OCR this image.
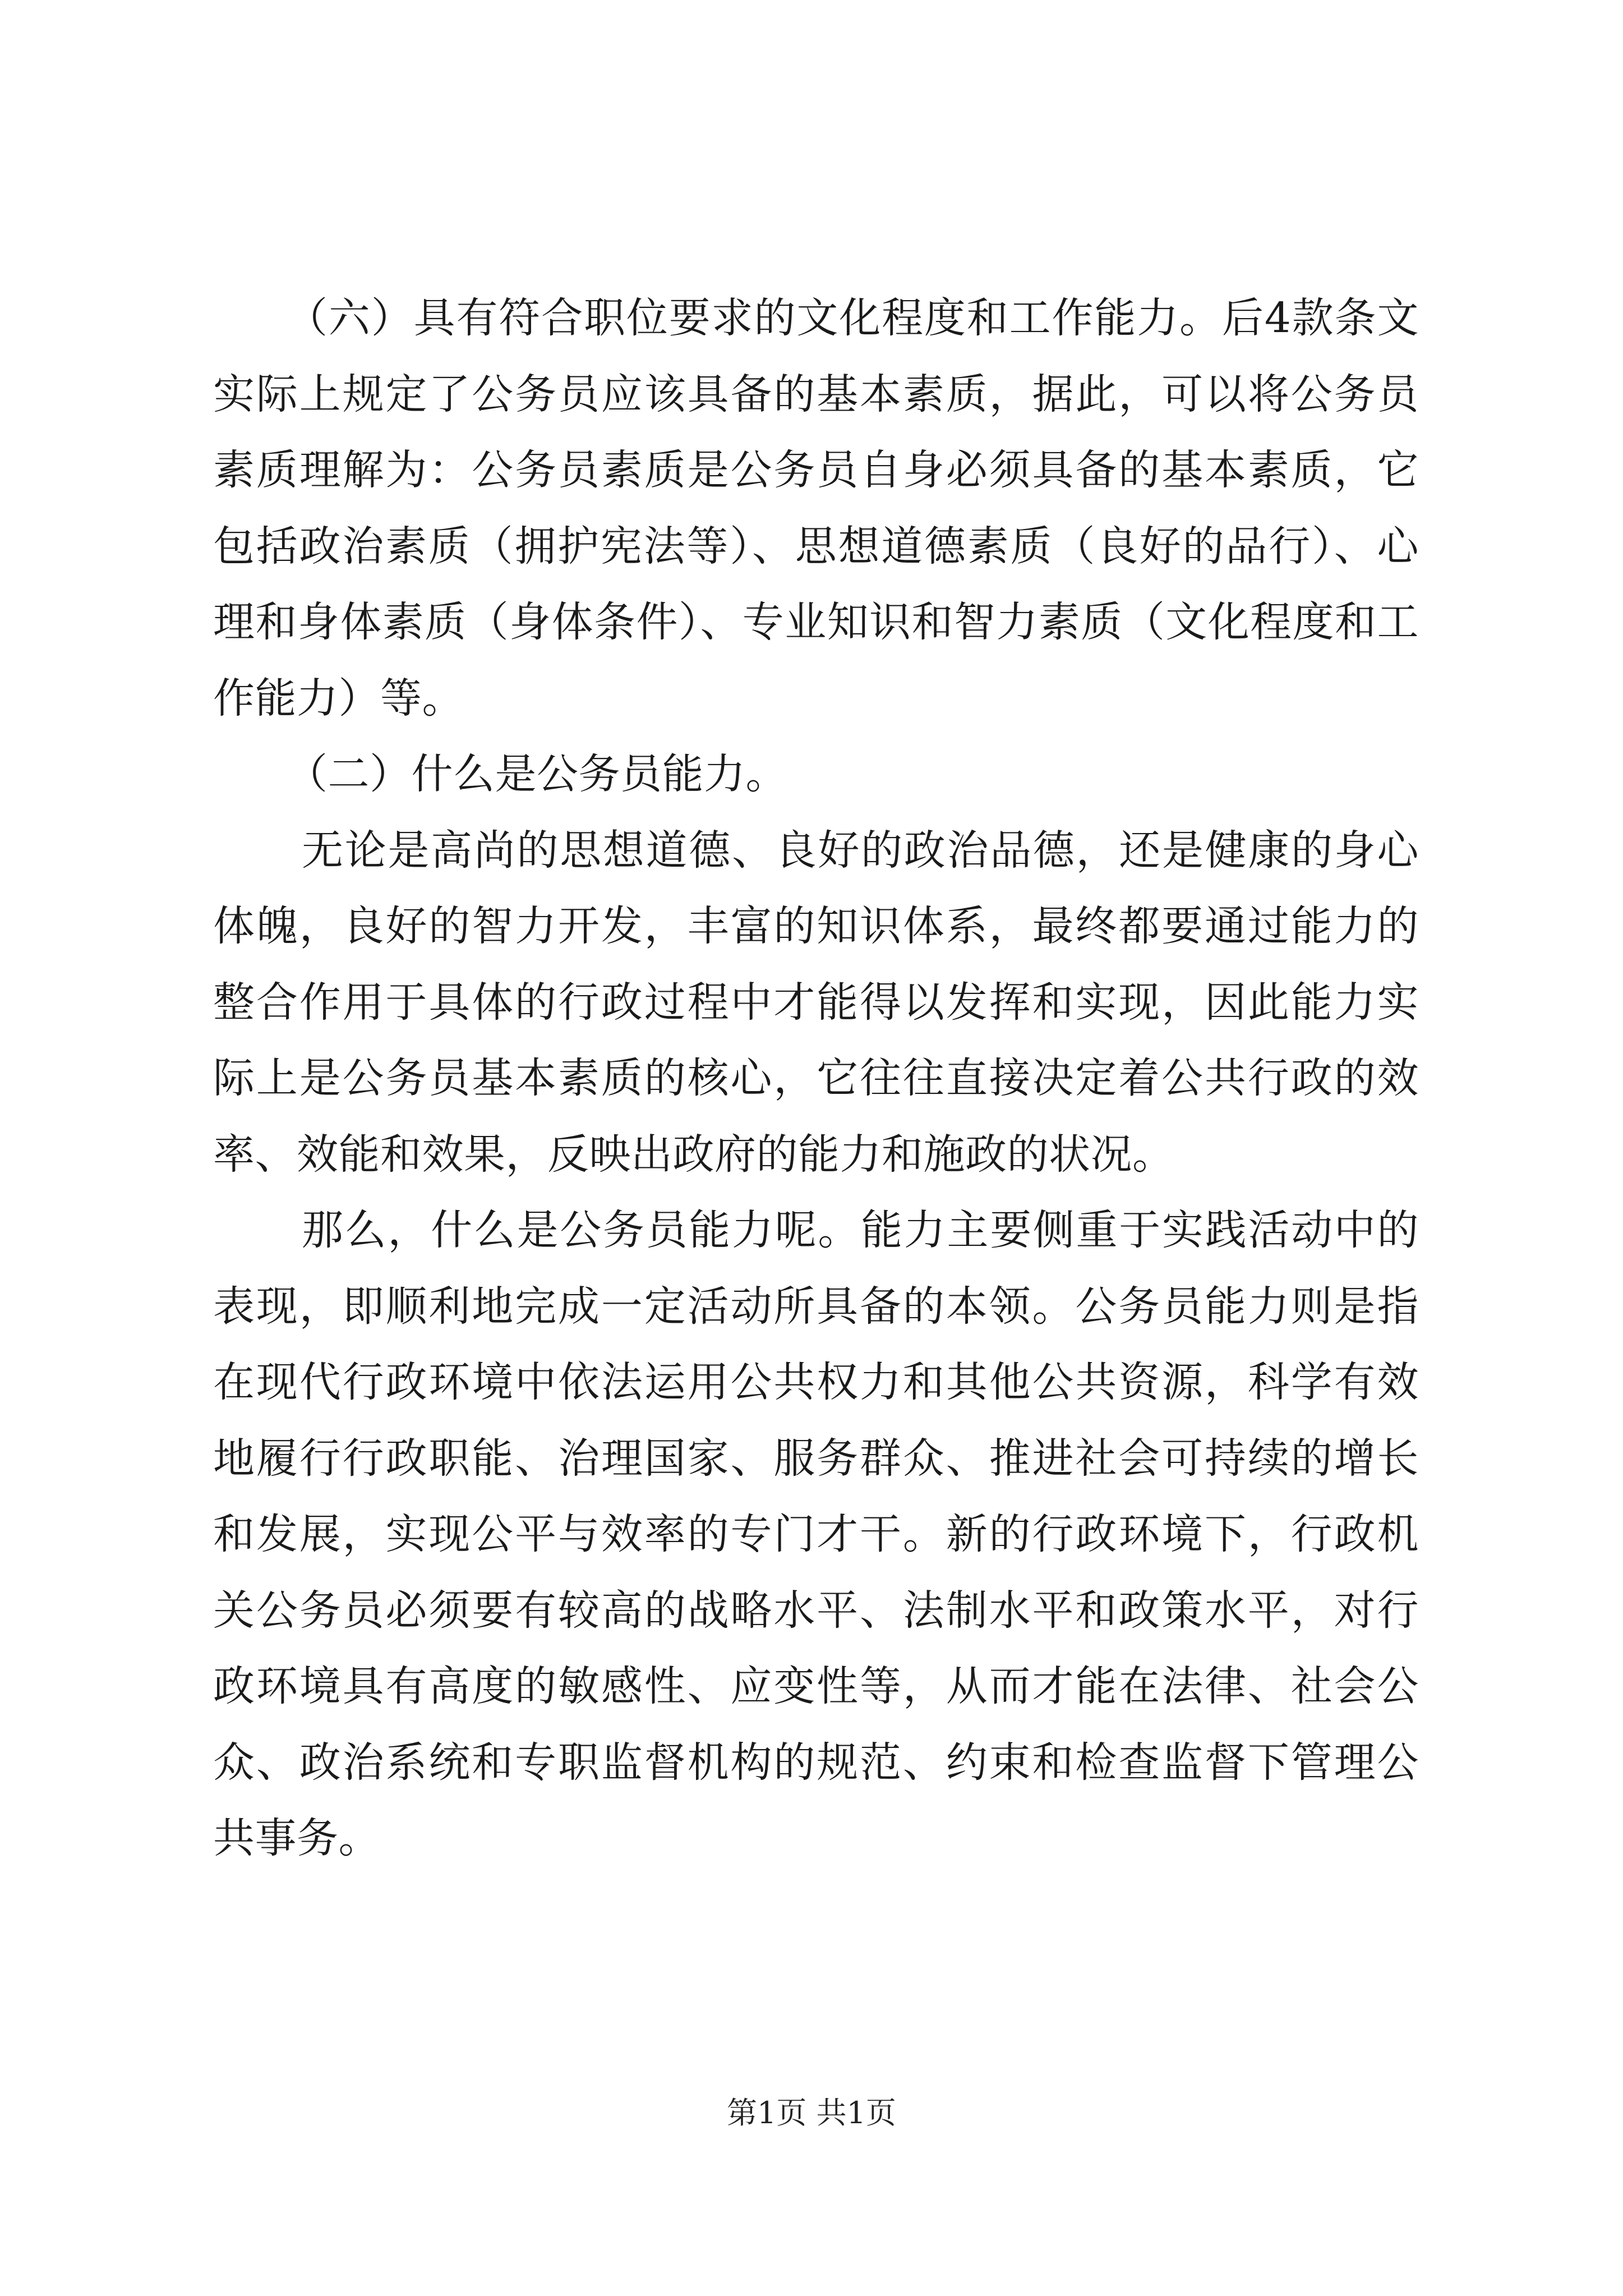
（六）具有符合职位要求的文化程度和工作能力。后4款条文实际上规定了公务员应该具备的基本素质，据此，可以将公务员素质理解为：公务员素质是公务员自身必须具备的基本素质，它包括政治素质（拥护宪法等）、思想道德素质（良好的品行）、心理和身体素质（身体条件）、专业知识和智力素质（文化程度和工作能力）等。

（二）什么是公务员能力。

无论是高尚的思想道德、良好的政治品德，还是健康的身心体魄，良好的智力开发，丰富的知识体系，最终都要通过能力的整合作用于具体的行政过程中才能得以发挥和实现，因此能力实际上是公务员基本素质的核心，它往往直接决定着公共行政的效率、效能和效果，反映出政府的能力和施政的状况。

那么，什么是公务员能力呢。能力主要侧重于实践活动中的表现，即顺利地完成一定活动所具备的本领。公务员能力则是指在现代行政环境中依法运用公共权力和其他公共资源，科学有效地履行行政职能、治理国家、服务群众、推进社会可持续的增长和发展，实现公平与效率的专门才干。新的行政环境下，行政机关公务员必须要有较高的战略水平、法制水平和政策水平，对行政环境具有高度的敏感性、应变性等，从而才能在法律、社会公众、政治系统和专职监督机构的规范、约束和检查监督下管理公共事务。

第1页 共1页
